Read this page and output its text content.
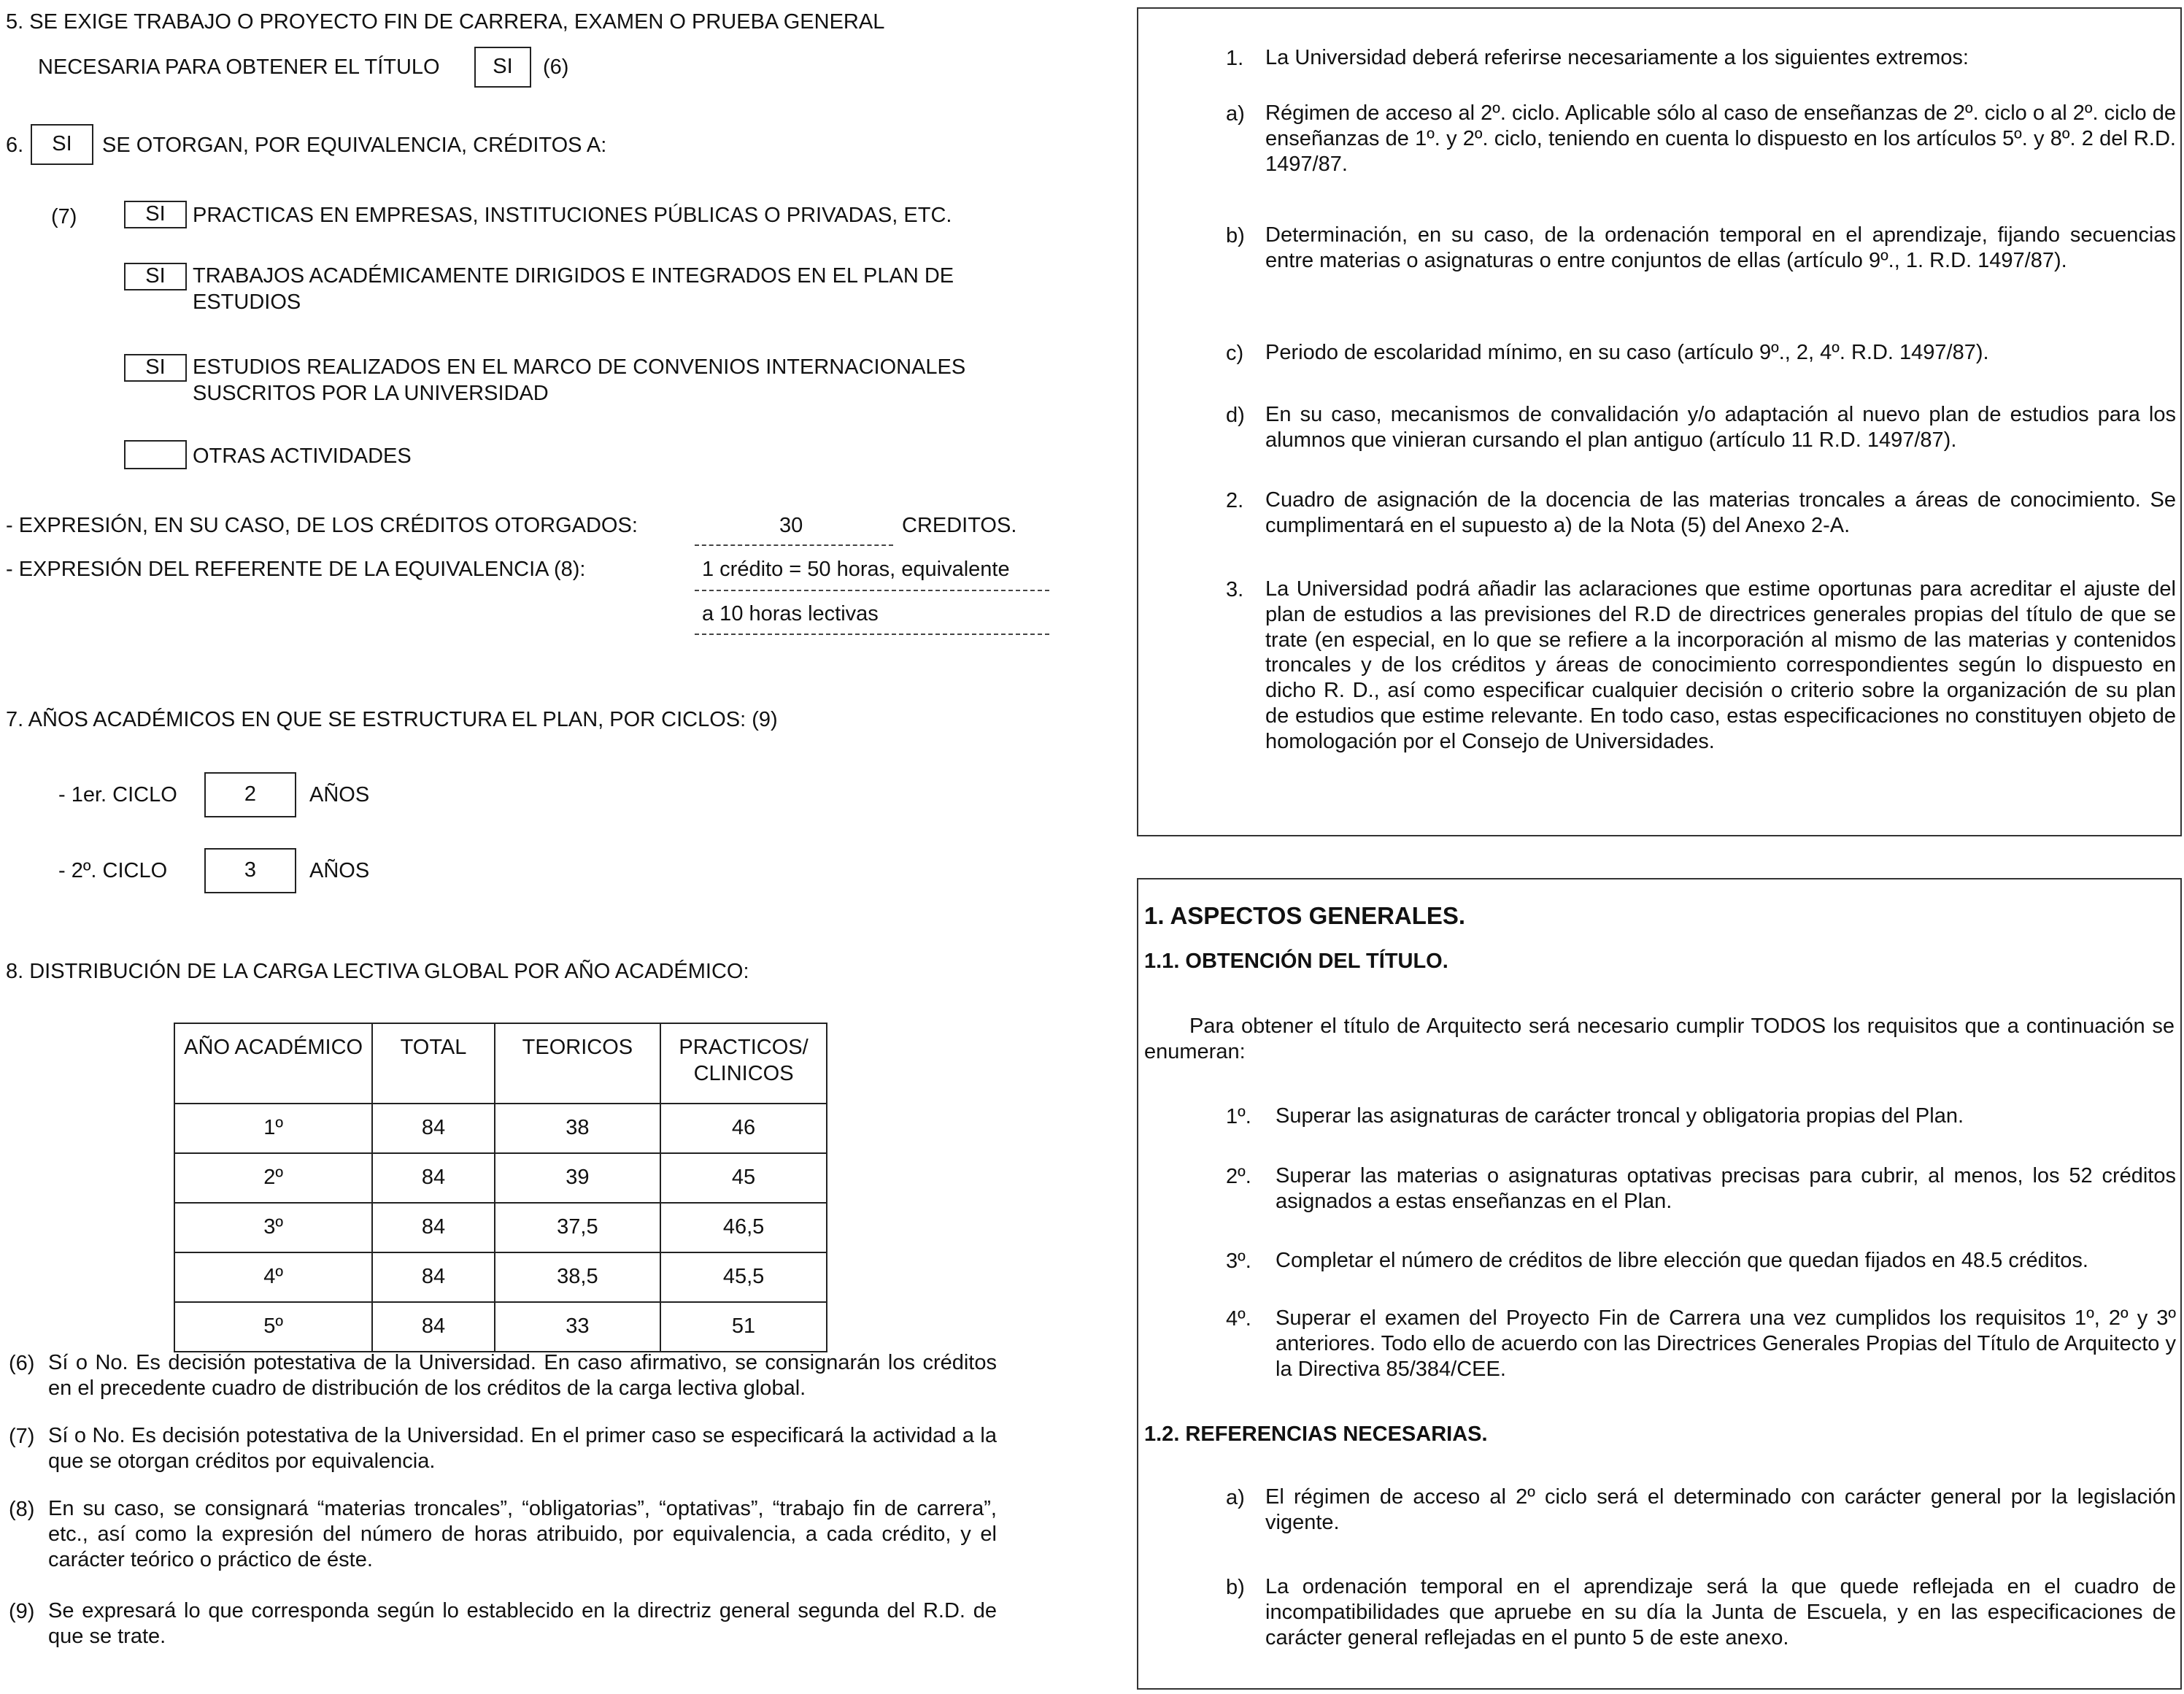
5. SE EXIGE TRABAJO O PROYECTO FIN DE CARRERA, EXAMEN O PRUEBA GENERAL
NECESARIA PARA OBTENER EL TÍTULO	SI	(6)
6.	SI	SE OTORGAN, POR EQUIVALENCIA, CRÉDITOS A:
(7)	SI	PRACTICAS EN EMPRESAS, INSTITUCIONES PÚBLICAS O PRIVADAS, ETC.
SI	TRABAJOS ACADÉMICAMENTE DIRIGIDOS E INTEGRADOS EN EL PLAN DE ESTUDIOS
SI	ESTUDIOS REALIZADOS EN EL MARCO DE CONVENIOS INTERNACIONALES SUSCRITOS POR LA UNIVERSIDAD
OTRAS ACTIVIDADES
- EXPRESIÓN, EN SU CASO, DE LOS CRÉDITOS OTORGADOS:	30	CREDITOS.
- EXPRESIÓN DEL REFERENTE DE LA EQUIVALENCIA (8):	1 crédito = 50 horas, equivalente
a 10 horas lectivas
7. AÑOS ACADÉMICOS EN QUE SE ESTRUCTURA EL PLAN, POR CICLOS: (9)
- 1er. CICLO	2	AÑOS
- 2º. CICLO	3	AÑOS
8. DISTRIBUCIÓN DE LA CARGA LECTIVA GLOBAL POR AÑO ACADÉMICO:
AÑO ACADÉMICO	TOTAL	TEORICOS	PRACTICOS/ CLINICOS
1º	84	38	46
2º	84	39	45
3º	84	37,5	46,5
4º	84	38,5	45,5
5º	84	33	51
(6) Sí o No. Es decisión potestativa de la Universidad. En caso afirmativo, se consignarán los créditos en el precedente cuadro de distribución de los créditos de la carga lectiva global.
(7) Sí o No. Es decisión potestativa de la Universidad. En el primer caso se especificará la actividad a la que se otorgan créditos por equivalencia.
(8) En su caso, se consignará “materias troncales”, “obligatorias”, “optativas”, “trabajo fin de carrera”, etc., así como la expresión del número de horas atribuido, por equivalencia, a cada crédito, y el carácter teórico o práctico de éste.
(9) Se expresará lo que corresponda según lo establecido en la directriz general segunda del R.D. de que se trate.
1. La Universidad deberá referirse necesariamente a los siguientes extremos:
a) Régimen de acceso al 2º. ciclo. Aplicable sólo al caso de enseñanzas de 2º. ciclo o al 2º. ciclo de enseñanzas de 1º. y 2º. ciclo, teniendo en cuenta lo dispuesto en los artículos 5º. y 8º. 2 del R.D. 1497/87.
b) Determinación, en su caso, de la ordenación temporal en el aprendizaje, fijando secuencias entre materias o asignaturas o entre conjuntos de ellas (artículo 9º., 1. R.D. 1497/87).
c) Periodo de escolaridad mínimo, en su caso (artículo 9º., 2, 4º. R.D. 1497/87).
d) En su caso, mecanismos de convalidación y/o adaptación al nuevo plan de estudios para los alumnos que vinieran cursando el plan antiguo (artículo 11 R.D. 1497/87).
2. Cuadro de asignación de la docencia de las materias troncales a áreas de conocimiento. Se cumplimentará en el supuesto a) de la Nota (5) del Anexo 2-A.
3. La Universidad podrá añadir las aclaraciones que estime oportunas para acreditar el ajuste del plan de estudios a las previsiones del R.D de directrices generales propias del título de que se trate (en especial, en lo que se refiere a la incorporación al mismo de las materias y contenidos troncales y de los créditos y áreas de conocimiento correspondientes según lo dispuesto en dicho R. D., así como especificar cualquier decisión o criterio sobre la organización de su plan de estudios que estime relevante. En todo caso, estas especificaciones no constituyen objeto de homologación por el Consejo de Universidades.
1. ASPECTOS GENERALES.
1.1. OBTENCIÓN DEL TÍTULO.
Para obtener el título de Arquitecto será necesario cumplir TODOS los requisitos que a continuación se enumeran:
1º. Superar las asignaturas de carácter troncal y obligatoria propias del Plan.
2º. Superar las materias o asignaturas optativas precisas para cubrir, al menos, los 52 créditos asignados a estas enseñanzas en el Plan.
3º. Completar el número de créditos de libre elección que quedan fijados en 48.5 créditos.
4º. Superar el examen del Proyecto Fin de Carrera una vez cumplidos los requisitos 1º, 2º y 3º anteriores. Todo ello de acuerdo con las Directrices Generales Propias del Título de Arquitecto y la Directiva 85/384/CEE.
1.2. REFERENCIAS NECESARIAS.
a) El régimen de acceso al 2º ciclo será el determinado con carácter general por la legislación vigente.
b) La ordenación temporal en el aprendizaje será la que quede reflejada en el cuadro de incompatibilidades que apruebe en su día la Junta de Escuela, y en las especificaciones de carácter general reflejadas en el punto 5 de este anexo.
